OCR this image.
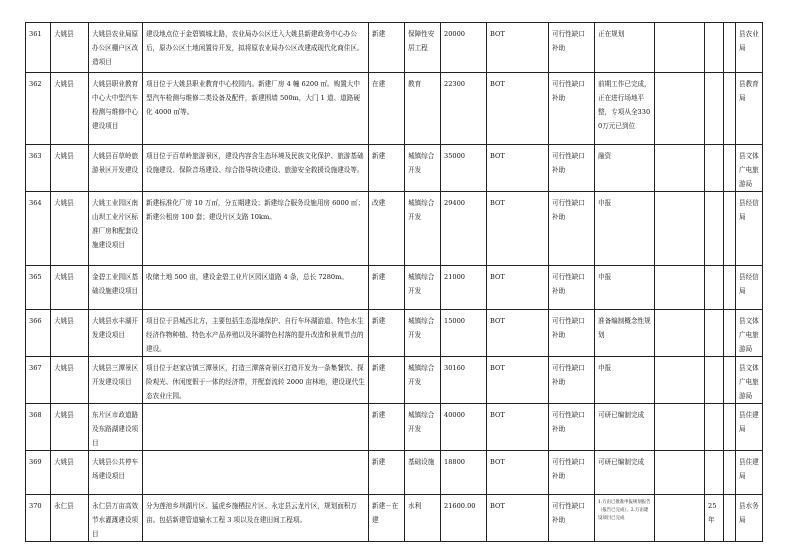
361	大姚县	大姚县农业局原办公区棚户区改造项目	建设地点位于金碧镇城北路，农业局办公区迁入大姚县新建政务中心办公后，原办公区土地闲置待开发，拟将原农业局办公区改建成现代化商住区。	新建	保障性安居工程	20000	BOT	可行性缺口补助	正在规划				县农业局
362	大姚县	大姚县职业教育中心大中型汽车检测与维修中心建设项目	项目位于大姚县职业教育中心校园内。新建厂房 4 幢 6200 ㎡。购置大中型汽车检测与维修二类设备及配件，新建围墙 500m，大门 1 道、道路硬化 4000 ㎡等。	在建	教育	22300	BOT	可行性缺口补助	前期工作已完成，正在进行场地平整，专项从全3300万元已到位				县教育局
363	大姚县	大姚县百草岭旅游景区开发建设	项目位于百草岭旅游景区，建设内容含生态环境及民族文化保护、旅游基础设施建设、保险音场建设、综合指导统设建设、旅游安全救援设施建设等。	新建	城镇综合开发	35000	BOT	可行性缺口补助	融资				县文体广电旅游局
364	大姚县	大姚工业园区南山坝工业片区标准厂房和配套设施建设项目	新建标准化厂房 10 万㎡，分五期建设；新建综合服务设施用房 6000 ㎡；新建公租房 100 套；建设片区支路 10km。	改建	城镇综合开发	29400	BOT	可行性缺口补助	申报				县经信局
365	大姚县	金碧工业园区基础设施建设项目	收储土地 500 亩，建设金碧工业片区园区道路 4 条，总长 7280m。	新建	城镇综合开发	21000	BOT	可行性缺口补助	申报				县经信局
366	大姚县	大姚县水丰湖开发建设项目	项目位于县城西北方，主要包括生态湿地保护、自行车环湖游道、特色水生经济作物种植、特色水产品养殖以及环湖特色村落的提升改造和景观节点的建设。	新建	城镇综合开发	15000	BOT	可行性缺口补助	准备编制概念性规划				县文体广电旅游局
367	大姚县	大姚县三潭景区开发建设项目	项目位于赵家店镇三潭景区，打造三潭落奇景区打造开发为一条集餐饮、探险观光、休闲度假于一体的经济带，并配套流转 2000 亩林地，建设现代生态农业庄园。	新建	城镇综合开发	30160	BOT	可行性缺口补助	申报				县文体广电旅游局
368	大姚县	东片区市政道路及东路湖建设项目		新建	城镇综合开发	40000	BOT	可行性缺口补助	可研已编制完成				县住建局
369	大姚县	大姚县公共停车场建设项目		新建	基础设施	18800	BOT	可行性缺口补助	可研已编制完成				县住建局
370	永仁县	永仁县万亩高效节水灌溉建设项目	分为莲池乡坝湖片区、猛虎乡施栖拉片区、永定县云龙片区，规划面积万亩。包括新建管道输水工程 3 项以及在建田间工程项。	新建－在建	水利	21600.00	BOT	可行性缺口补助	1.万亩已批准申报规划报告（报告已完成），2.万亩建设项目已完成		25年		县水务局
